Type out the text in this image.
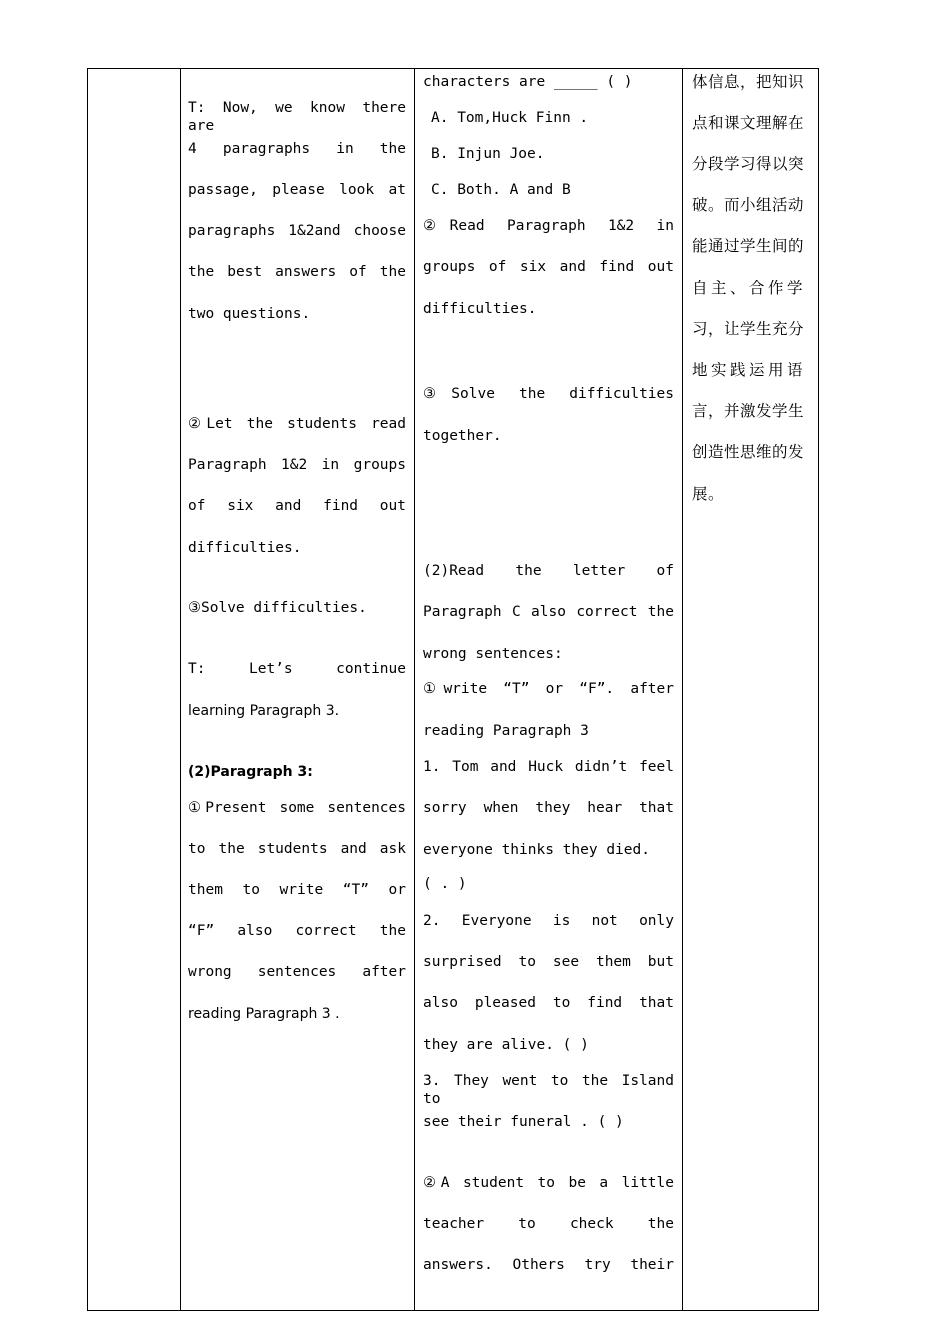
T: Now, we know there are
4 paragraphs in the
passage, please look at
paragraphs 1&2and choose
the best answers of the
two questions.
②Let the students read
Paragraph 1&2 in groups
of six and find out
difficulties.
③Solve difficulties.
T: Let’s continue
learning Paragraph 3.
(2)Paragraph 3:
①Present some sentences
to the students and ask
them to write “T” or
“F” also correct the
wrong sentences after
reading Paragraph 3 .
characters are _____ ( )
A. Tom,Huck Finn .
B. Injun Joe.
C. Both. A and B
②Read Paragraph 1&2 in
groups of six and find out
difficulties.
③Solve the difficulties
together.
(2)Read the letter of
Paragraph C also correct the
wrong sentences:
①write “T” or “F”. after
reading Paragraph 3
1. Tom and Huck didn’t feel
sorry when they hear that
everyone thinks they died.
( . )
2. Everyone is not only
surprised to see them but
also pleased to find that
they are alive. ( )
3. They went to the Island to
see their funeral . ( )
②A student to be a little
teacher to check the
answers. Others try their
体信息，把知识
点和课文理解在
分段学习得以突
破。而小组活动
能通过学生间的
自主、合作学
习，让学生充分
地实践运用语
言，并激发学生
创造性思维的发
展。
